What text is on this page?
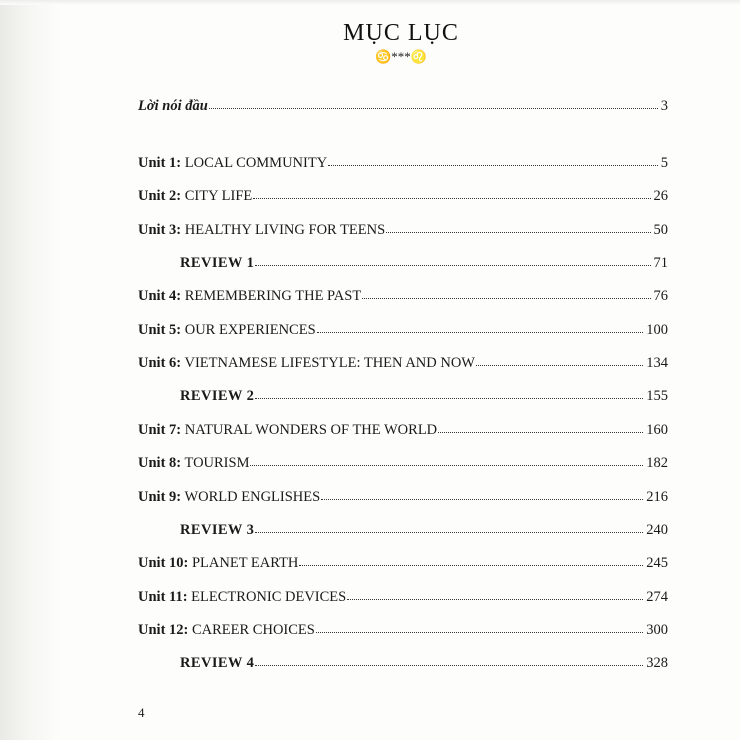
MỤC LỤC
♋***♌
Lời nói đầu	3
Unit 1: LOCAL COMMUNITY	5
Unit 2: CITY LIFE	26
Unit 3: HEALTHY LIVING FOR TEENS	50
REVIEW 1	71
Unit 4: REMEMBERING THE PAST	76
Unit 5: OUR EXPERIENCES	100
Unit 6: VIETNAMESE LIFESTYLE: THEN AND NOW	134
REVIEW 2	155
Unit 7: NATURAL WONDERS OF THE WORLD	160
Unit 8: TOURISM	182
Unit 9: WORLD ENGLISHES	216
REVIEW 3	240
Unit 10: PLANET EARTH	245
Unit 11: ELECTRONIC DEVICES	274
Unit 12: CAREER CHOICES	300
REVIEW 4	328
4
